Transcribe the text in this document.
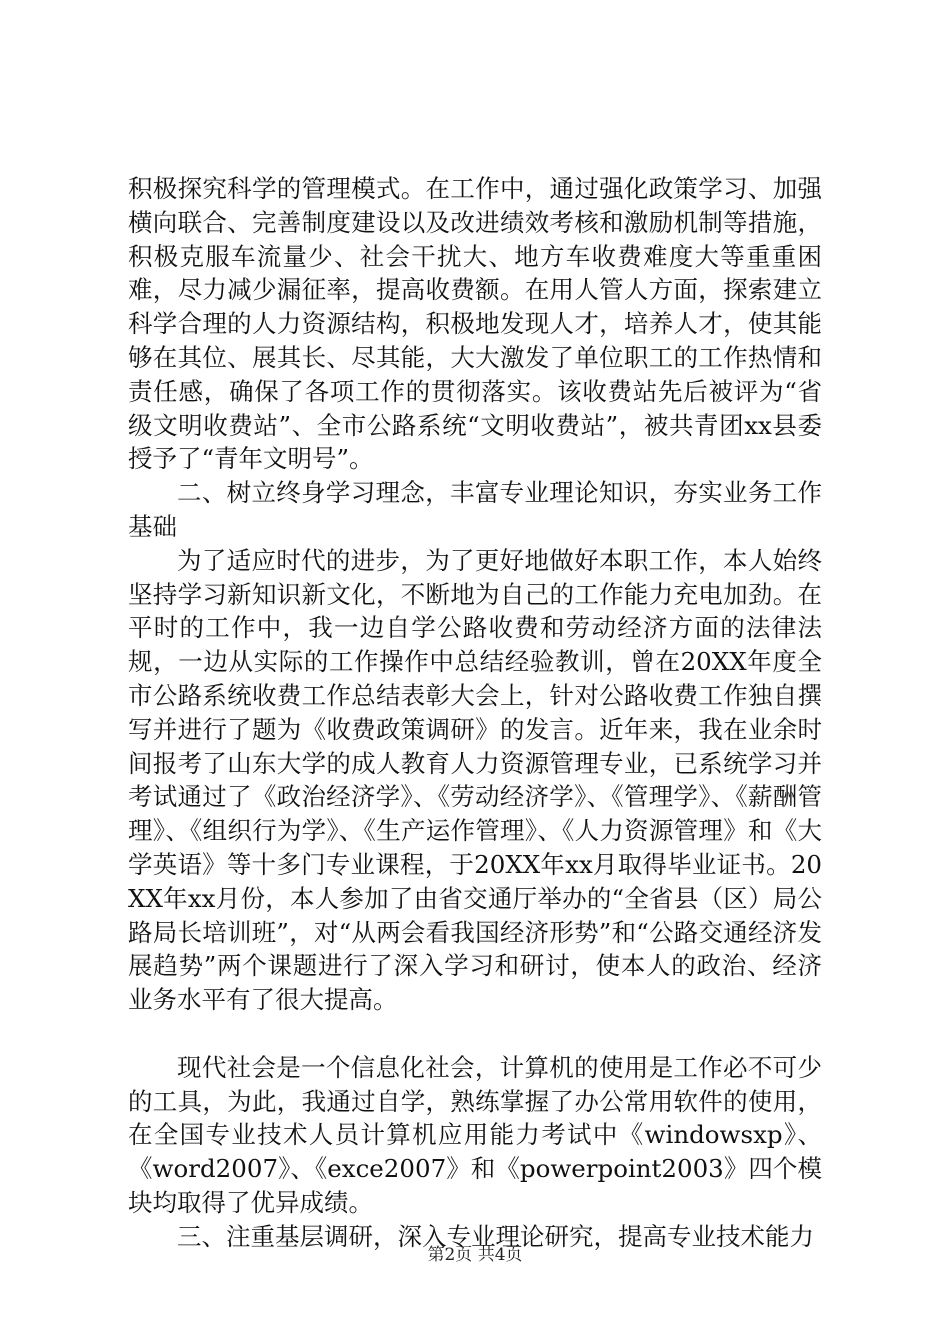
积极探究科学的管理模式。在工作中，通过强化政策学习、加强横向联合、完善制度建设以及改进绩效考核和激励机制等措施，积极克服车流量少、社会干扰大、地方车收费难度大等重重困难，尽力减少漏征率，提高收费额。在用人管人方面，探索建立科学合理的人力资源结构，积极地发现人才，培养人才，使其能够在其位、展其长、尽其能，大大激发了单位职工的工作热情和责任感，确保了各项工作的贯彻落实。该收费站先后被评为“省级文明收费站”、全市公路系统“文明收费站”，被共青团xx县委授予了“青年文明号”。

二、树立终身学习理念，丰富专业理论知识，夯实业务工作基础

为了适应时代的进步，为了更好地做好本职工作，本人始终坚持学习新知识新文化，不断地为自己的工作能力充电加劲。在平时的工作中，我一边自学公路收费和劳动经济方面的法律法规，一边从实际的工作操作中总结经验教训，曾在20XX年度全市公路系统收费工作总结表彰大会上，针对公路收费工作独自撰写并进行了题为《收费政策调研》的发言。近年来，我在业余时间报考了山东大学的成人教育人力资源管理专业，已系统学习并考试通过了《政治经济学》、《劳动经济学》、《管理学》、《薪酬管理》、《组织行为学》、《生产运作管理》、《人力资源管理》和《大学英语》等十多门专业课程，于20XX年xx月取得毕业证书。20XX年xx月份，本人参加了由省交通厅举办的“全省县（区）局公路局长培训班”，对“从两会看我国经济形势”和“公路交通经济发展趋势”两个课题进行了深入学习和研讨，使本人的政治、经济业务水平有了很大提高。

现代社会是一个信息化社会，计算机的使用是工作必不可少的工具，为此，我通过自学，熟练掌握了办公常用软件的使用，在全国专业技术人员计算机应用能力考试中《windowsxp》、《word2007》、《exce2007》和《powerpoint2003》四个模块均取得了优异成绩。

三、注重基层调研，深入专业理论研究，提高专业技术能力

第2页 共4页
